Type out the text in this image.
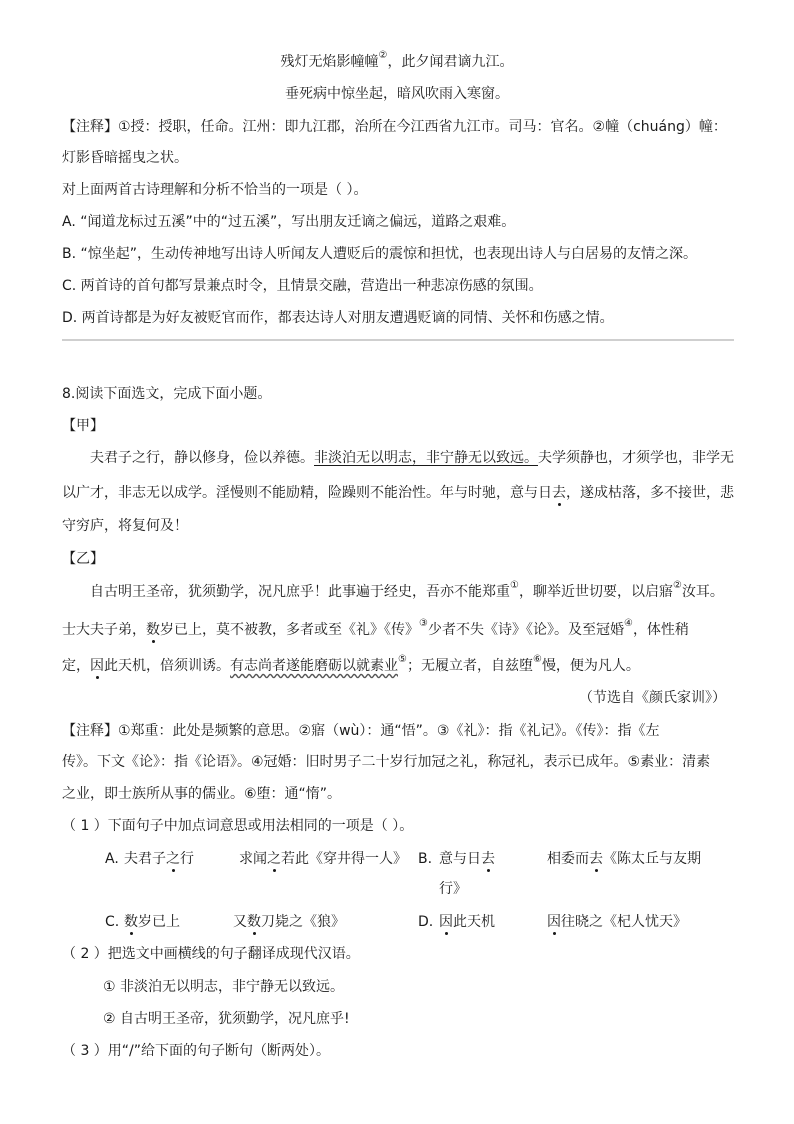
残灯无焰影幢幢②，此夕闻君谪九江。
垂死病中惊坐起，暗风吹雨入寒窗。
【注释】①授：授职，任命。江州：即九江郡，治所在今江西省九江市。司马：官名。②幢（chuáng）幢：
灯影昏暗摇曳之状。
对上面两首古诗理解和分析不恰当的一项是（ ）。
A. “闻道龙标过五溪”中的“过五溪”，写出朋友迁谪之偏远，道路之艰难。
B. “惊坐起”，生动传神地写出诗人听闻友人遭贬后的震惊和担忧，也表现出诗人与白居易的友情之深。
C. 两首诗的首句都写景兼点时令，且情景交融，营造出一种悲凉伤感的氛围。
D. 两首诗都是为好友被贬官而作，都表达诗人对朋友遭遇贬谪的同情、关怀和伤感之情。
8.阅读下面选文，完成下面小题。
【甲】
夫君子之行，静以修身，俭以养德。非淡泊无以明志，非宁静无以致远。夫学须静也，才须学也，非学无
以广才，非志无以成学。淫慢则不能励精，险躁则不能治性。年与时驰，意与日去，遂成枯落，多不接世，悲
守穷庐，将复何及！
【乙】
自古明王圣帝，犹须勤学，况凡庶乎！此事遍于经史，吾亦不能郑重①，聊举近世切要，以启寤②汝耳。
士大夫子弟，数岁已上，莫不被教，多者或至《礼》《传》③少者不失《诗》《论》。及至冠婚④，体性稍
定，因此天机，倍须训诱。有志尚者遂能磨砺以就素业⑤；无履立者，自兹堕⑥慢，便为凡人。
（节选自《颜氏家训》）
【注释】①郑重：此处是频繁的意思。②寤（wù）：通“悟”。③《礼》：指《礼记》。《传》：指《左
传》。下文《论》：指《论语》。④冠婚：旧时男子二十岁行加冠之礼，称冠礼，表示已成年。⑤素业：清素
之业，即士族所从事的儒业。⑥堕：通“惰”。
（ 1 ）下面句子中加点词意思或用法相同的一项是（ ）。
A. 夫君子之行	求闻之若此《穿井得一人》 B. 意与日去	相委而去《陈太丘与友期
行》
C. 数岁已上	又数刀毙之《狼》	D. 因此天机	因往晓之《杞人忧天》
（ 2 ）把选文中画横线的句子翻译成现代汉语。
① 非淡泊无以明志，非宁静无以致远。
② 自古明王圣帝，犹须勤学，况凡庶乎!
（ 3 ）用“/”给下面的句子断句（断两处）。
